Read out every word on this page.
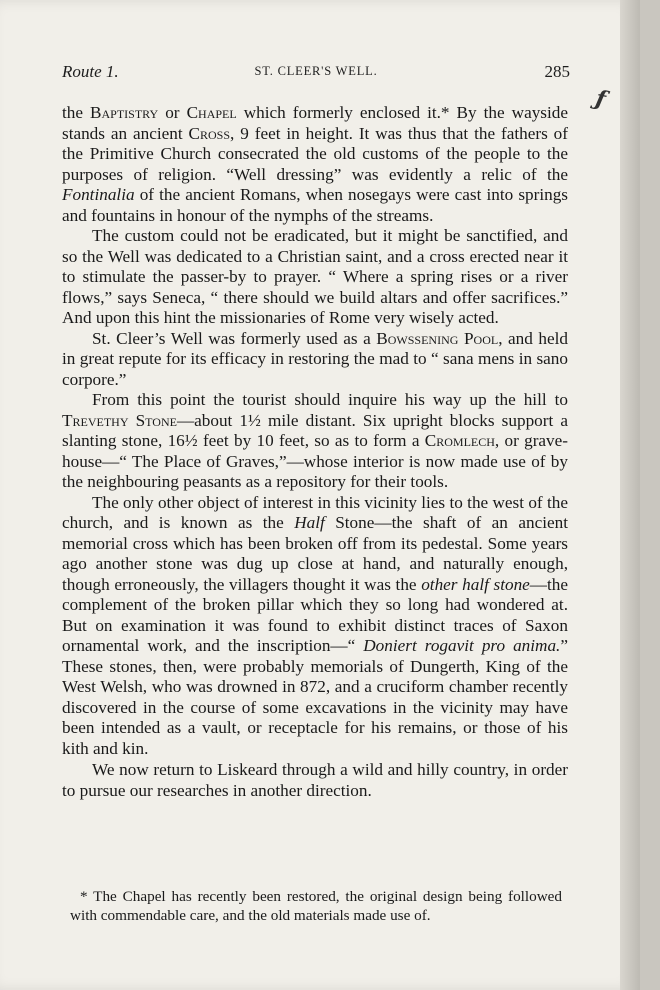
Route 1.	ST. CLEER'S WELL.	285
ƒ

the Baptistry or Chapel which formerly enclosed it.* By the wayside stands an ancient Cross, 9 feet in height. It was thus that the fathers of the Primitive Church consecrated the old customs of the people to the purposes of religion. “Well dressing” was evidently a relic of the Fontinalia of the ancient Romans, when nosegays were cast into springs and fountains in honour of the nymphs of the streams.

The custom could not be eradicated, but it might be sanctified, and so the Well was dedicated to a Christian saint, and a cross erected near it to stimulate the passer-by to prayer. “ Where a spring rises or a river flows,” says Seneca, “ there should we build altars and offer sacrifices.” And upon this hint the missionaries of Rome very wisely acted.

St. Cleer’s Well was formerly used as a Bowssening Pool, and held in great repute for its efficacy in restoring the mad to “ sana mens in sano corpore.”

From this point the tourist should inquire his way up the hill to Trevethy Stone—about 1½ mile distant. Six upright blocks support a slanting stone, 16½ feet by 10 feet, so as to form a Cromlech, or grave-house—“ The Place of Graves,”—whose interior is now made use of by the neighbouring peasants as a repository for their tools.

The only other object of interest in this vicinity lies to the west of the church, and is known as the Half Stone—the shaft of an ancient memorial cross which has been broken off from its pedestal. Some years ago another stone was dug up close at hand, and naturally enough, though erroneously, the villagers thought it was the other half stone—the complement of the broken pillar which they so long had wondered at. But on examination it was found to exhibit distinct traces of Saxon ornamental work, and the inscription—“ Doniert rogavit pro anima.” These stones, then, were probably memorials of Dungerth, King of the West Welsh, who was drowned in 872, and a cruciform chamber recently discovered in the course of some excavations in the vicinity may have been intended as a vault, or receptacle for his remains, or those of his kith and kin.

We now return to Liskeard through a wild and hilly country, in order to pursue our researches in another direction.

* The Chapel has recently been restored, the original design being followed with commendable care, and the old materials made use of.
